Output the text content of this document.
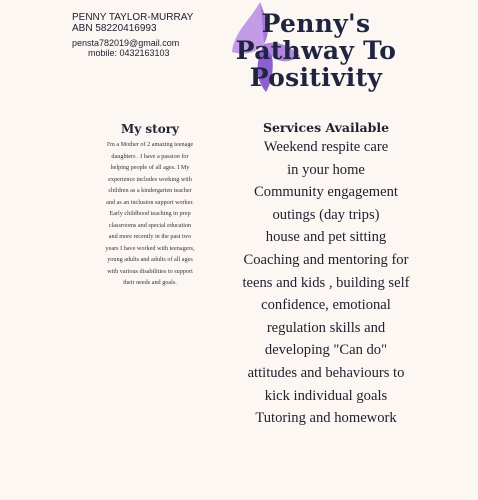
PENNY TAYLOR-MURRAY
ABN 58220416993
pensta782019@gmail.com
mobile: 0432163103
Penny's
Pathway To
Positivity
My story

I'm a Mother of 2 amazing teenage daughters . I have a passion for helping people of all ages. I My experience includes working with children as a kindergarten teacher and as an inclusion support worker. Early childhood teaching in prep classrooms and special education and more recently in the past two years I have worked with teenagers, young adults and adults of all ages with various disabilities to support their needs and goals.

Services Available
Weekend respite care
in your home
Community engagement
outings (day trips)
house and pet sitting
Coaching and mentoring for
teens and kids , building self
confidence, emotional
regulation skills and
developing "Can do"
attitudes and behaviours to
kick individual goals
Tutoring and homework
